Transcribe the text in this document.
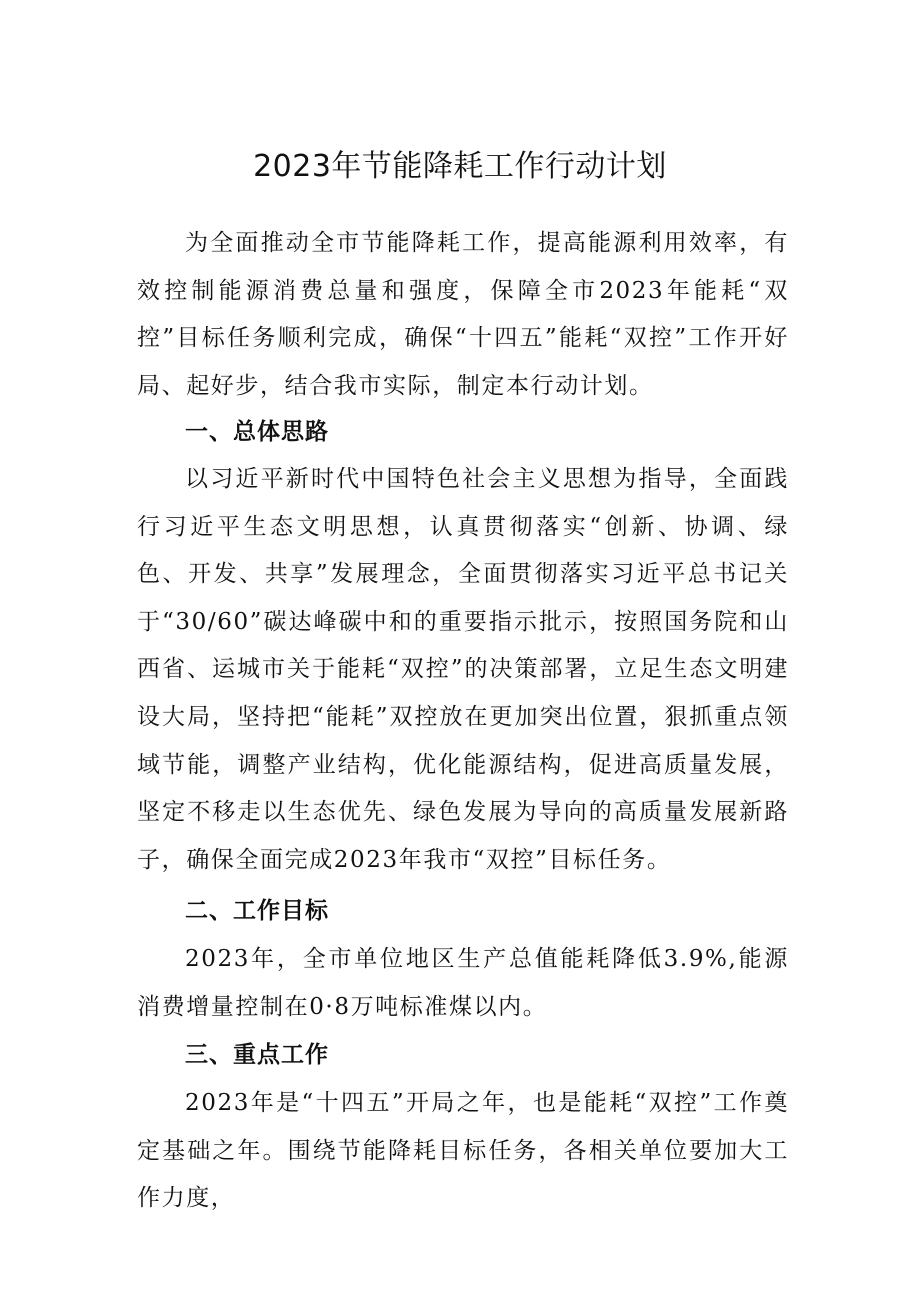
2023年节能降耗工作行动计划

为全面推动全市节能降耗工作，提高能源利用效率，有效控制能源消费总量和强度，保障全市2023年能耗“双控”目标任务顺利完成，确保“十四五”能耗“双控”工作开好局、起好步，结合我市实际，制定本行动计划。

一、总体思路

以习近平新时代中国特色社会主义思想为指导，全面践行习近平生态文明思想，认真贯彻落实“创新、协调、绿色、开发、共享”发展理念，全面贯彻落实习近平总书记关于“30/60”碳达峰碳中和的重要指示批示，按照国务院和山西省、运城市关于能耗“双控”的决策部署，立足生态文明建设大局，坚持把“能耗”双控放在更加突出位置，狠抓重点领域节能，调整产业结构，优化能源结构，促进高质量发展，坚定不移走以生态优先、绿色发展为导向的高质量发展新路子，确保全面完成2023年我市“双控”目标任务。

二、工作目标

2023年，全市单位地区生产总值能耗降低3.9%,能源消费增量控制在0·8万吨标准煤以内。

三、重点工作

2023年是“十四五”开局之年，也是能耗“双控”工作奠定基础之年。围绕节能降耗目标任务，各相关单位要加大工作力度，
